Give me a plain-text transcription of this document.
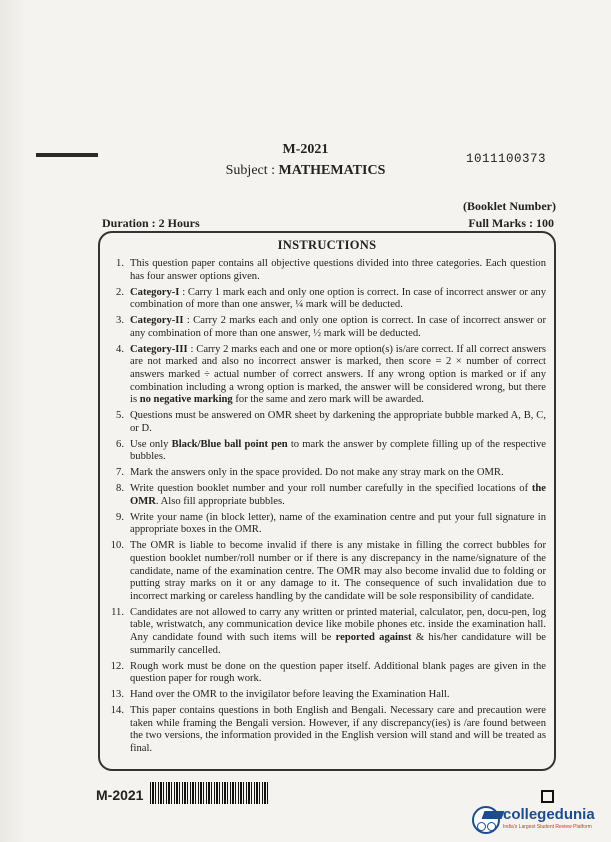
M-2021
Subject : MATHEMATICS
1011100373
(Booklet Number)
Duration : 2 Hours	Full Marks : 100
INSTRUCTIONS
1. This question paper contains all objective questions divided into three categories. Each question has four answer options given.
2. Category-I : Carry 1 mark each and only one option is correct. In case of incorrect answer or any combination of more than one answer, ¼ mark will be deducted.
3. Category-II : Carry 2 marks each and only one option is correct. In case of incorrect answer or any combination of more than one answer, ½ mark will be deducted.
4. Category-III : Carry 2 marks each and one or more option(s) is/are correct. If all correct answers are not marked and also no incorrect answer is marked, then score = 2 × number of correct answers marked ÷ actual number of correct answers. If any wrong option is marked or if any combination including a wrong option is marked, the answer will be considered wrong, but there is no negative marking for the same and zero mark will be awarded.
5. Questions must be answered on OMR sheet by darkening the appropriate bubble marked A, B, C, or D.
6. Use only Black/Blue ball point pen to mark the answer by complete filling up of the respective bubbles.
7. Mark the answers only in the space provided. Do not make any stray mark on the OMR.
8. Write question booklet number and your roll number carefully in the specified locations of the OMR. Also fill appropriate bubbles.
9. Write your name (in block letter), name of the examination centre and put your full signature in appropriate boxes in the OMR.
10. The OMR is liable to become invalid if there is any mistake in filling the correct bubbles for question booklet number/roll number or if there is any discrepancy in the name/signature of the candidate, name of the examination centre. The OMR may also become invalid due to folding or putting stray marks on it or any damage to it. The consequence of such invalidation due to incorrect marking or careless handling by the candidate will be sole responsibility of candidate.
11. Candidates are not allowed to carry any written or printed material, calculator, pen, docu-pen, log table, wristwatch, any communication device like mobile phones etc. inside the examination hall. Any candidate found with such items will be reported against & his/her candidature will be summarily cancelled.
12. Rough work must be done on the question paper itself. Additional blank pages are given in the question paper for rough work.
13. Hand over the OMR to the invigilator before leaving the Examination Hall.
14. This paper contains questions in both English and Bengali. Necessary care and precaution were taken while framing the Bengali version. However, if any discrepancy(ies) is /are found between the two versions, the information provided in the English version will stand and will be treated as final.
M-2021
collegedunia
India's Largest Student Review Platform
